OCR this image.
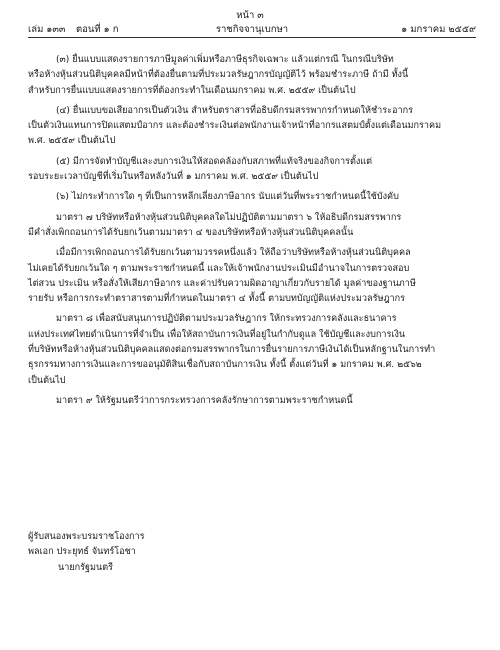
หน้า ๓
เล่ม ๑๓๓ ตอนที่ ๑ ก	ราชกิจจานุเบกษา	๑ มกราคม ๒๕๕๙

(๓) ยื่นแบบแสดงรายการภาษีมูลค่าเพิ่มหรือภาษีธุรกิจเฉพาะ แล้วแต่กรณี ในกรณีบริษัท
หรือห้างหุ้นส่วนนิติบุคคลมีหน้าที่ต้องยื่นตามที่ประมวลรัษฎากรบัญญัติไว้ พร้อมชำระภาษี ถ้ามี ทั้งนี้
สำหรับการยื่นแบบแสดงรายการที่ต้องกระทำในเดือนมกราคม พ.ศ. ๒๕๕๙ เป็นต้นไป

(๔) ยื่นแบบขอเสียอากรเป็นตัวเงิน สำหรับตราสารที่อธิบดีกรมสรรพากรกำหนดให้ชำระอากร
เป็นตัวเงินแทนการปิดแสตมป์อากร และต้องชำระเงินต่อพนักงานเจ้าหน้าที่อากรแสตมป์ตั้งแต่เดือนมกราคม
พ.ศ. ๒๕๕๙ เป็นต้นไป

(๕) มีการจัดทำบัญชีและงบการเงินให้สอดคล้องกับสภาพที่แท้จริงของกิจการตั้งแต่
รอบระยะเวลาบัญชีที่เริ่มในหรือหลังวันที่ ๑ มกราคม พ.ศ. ๒๕๕๙ เป็นต้นไป

(๖) ไม่กระทำการใด ๆ ที่เป็นการหลีกเลี่ยงภาษีอากร นับแต่วันที่พระราชกำหนดนี้ใช้บังคับ

มาตรา ๗ บริษัทหรือห้างหุ้นส่วนนิติบุคคลใดไม่ปฏิบัติตามมาตรา ๖ ให้อธิบดีกรมสรรพากร
มีคำสั่งเพิกถอนการได้รับยกเว้นตามมาตรา ๔ ของบริษัทหรือห้างหุ้นส่วนนิติบุคคลนั้น

เมื่อมีการเพิกถอนการได้รับยกเว้นตามวรรคหนึ่งแล้ว ให้ถือว่าบริษัทหรือห้างหุ้นส่วนนิติบุคคล
ไม่เคยได้รับยกเว้นใด ๆ ตามพระราชกำหนดนี้ และให้เจ้าพนักงานประเมินมีอำนาจในการตรวจสอบ
ไต่สวน ประเมิน หรือสั่งให้เสียภาษีอากร และค่าปรับความผิดอาญาเกี่ยวกับรายได้ มูลค่าของฐานภาษี
รายรับ หรือการกระทำตราสารตามที่กำหนดในมาตรา ๔ ทั้งนี้ ตามบทบัญญัติแห่งประมวลรัษฎากร

มาตรา ๘ เพื่อสนับสนุนการปฏิบัติตามประมวลรัษฎากร ให้กระทรวงการคลังและธนาคาร
แห่งประเทศไทยดำเนินการที่จำเป็น เพื่อให้สถาบันการเงินที่อยู่ในกำกับดูแล ใช้บัญชีและงบการเงิน
ที่บริษัทหรือห้างหุ้นส่วนนิติบุคคลแสดงต่อกรมสรรพากรในการยื่นรายการภาษีเงินได้เป็นหลักฐานในการทำ
ธุรกรรมทางการเงินและการขออนุมัติสินเชื่อกับสถาบันการเงิน ทั้งนี้ ตั้งแต่วันที่ ๑ มกราคม พ.ศ. ๒๕๖๒
เป็นต้นไป

มาตรา ๙ ให้รัฐมนตรีว่าการกระทรวงการคลังรักษาการตามพระราชกำหนดนี้

ผู้รับสนองพระบรมราชโองการ
พลเอก ประยุทธ์ จันทร์โอชา
นายกรัฐมนตรี
